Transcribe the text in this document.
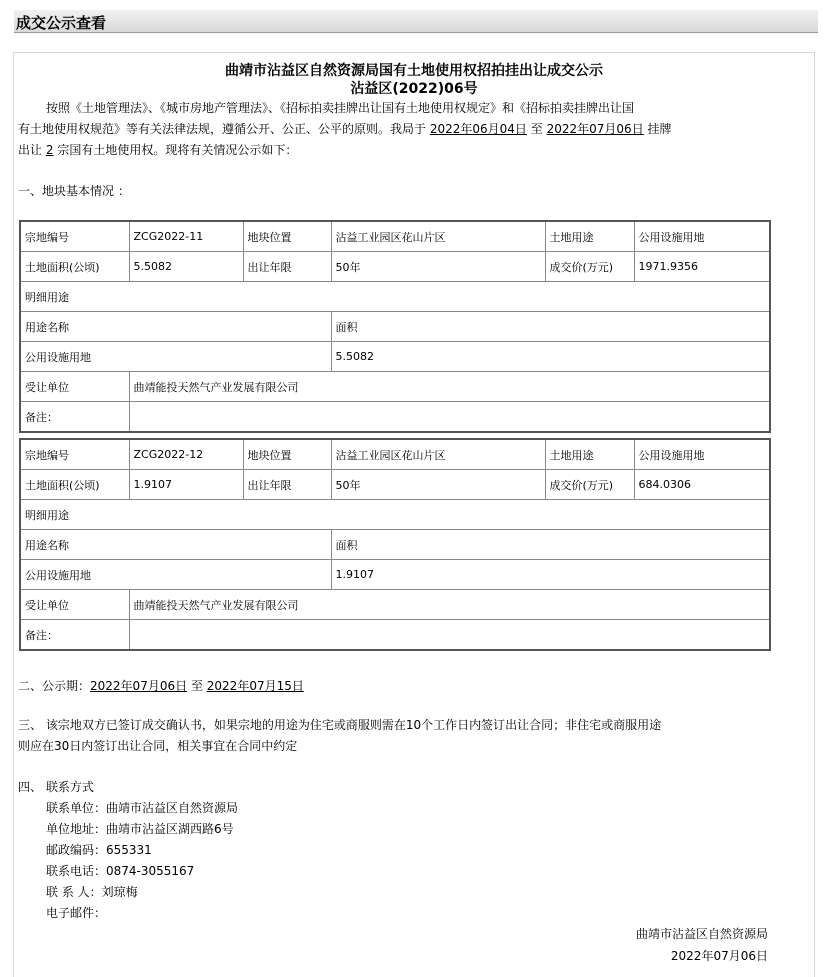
成交公示查看
曲靖市沾益区自然资源局国有土地使用权招拍挂出让成交公示
沾益区(2022)06号
按照《土地管理法》、《城市房地产管理法》、《招标拍卖挂牌出让国有土地使用权规定》和《招标拍卖挂牌出让国
有土地使用权规范》等有关法律法规，遵循公开、公正、公平的原则。我局于 2022年06月04日 至 2022年07月06日 挂牌
出让 2 宗国有土地使用权。现将有关情况公示如下：
一、地块基本情况 ：
宗地编号	ZCG2022-11	地块位置	沾益工业园区花山片区	土地用途	公用设施用地
土地面积(公顷)	5.5082	出让年限	50年	成交价(万元)	1971.9356
明细用途					
用途名称			面积		
公用设施用地			5.5082		
受让单位	曲靖能投天然气产业发展有限公司				
备注：					
宗地编号	ZCG2022-12	地块位置	沾益工业园区花山片区	土地用途	公用设施用地
土地面积(公顷)	1.9107	出让年限	50年	成交价(万元)	684.0306
明细用途					
用途名称			面积		
公用设施用地			1.9107		
受让单位	曲靖能投天然气产业发展有限公司				
备注：					
二、公示期：2022年07月06日 至 2022年07月15日
三、 该宗地双方已签订成交确认书，如果宗地的用途为住宅或商服则需在10个工作日内签订出让合同；非住宅或商服用途
则应在30日内签订出让合同，相关事宜在合同中约定
四、 联系方式
联系单位：曲靖市沾益区自然资源局
单位地址：曲靖市沾益区湖西路6号
邮政编码：655331
联系电话：0874-3055167
联 系 人：刘琼梅
电子邮件：
曲靖市沾益区自然资源局
2022年07月06日
